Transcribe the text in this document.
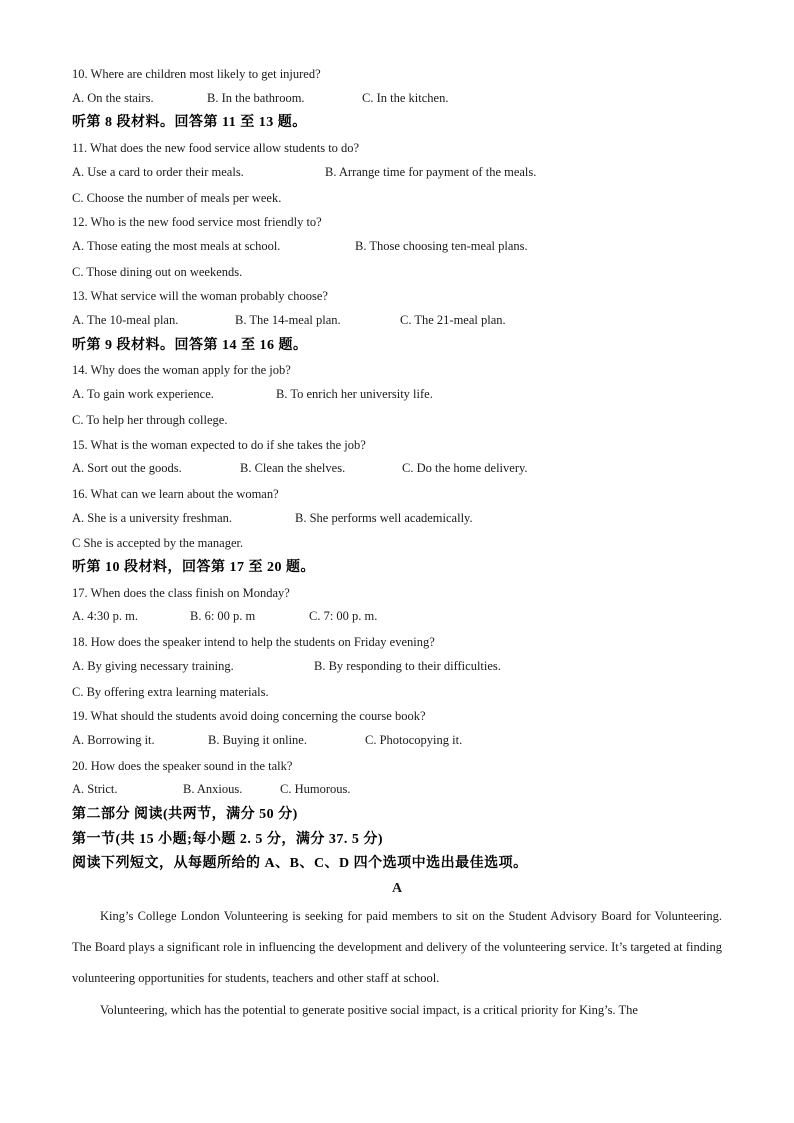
10. Where are children most likely to get injured?
A. On the stairs.	B. In the bathroom.	C. In the kitchen.
听第 8 段材料。回答第 11 至 13 题。
11. What does the new food service allow students to do?
A. Use a card to order their meals.	B. Arrange time for payment of the meals.
C. Choose the number of meals per week.
12. Who is the new food service most friendly to?
A. Those eating the most meals at school.	B. Those choosing ten-meal plans.
C. Those dining out on weekends.
13. What service will the woman probably choose?
A. The 10-meal plan.	B. The 14-meal plan.	C. The 21-meal plan.
听第 9 段材料。回答第 14 至 16 题。
14. Why does the woman apply for the job?
A. To gain work experience.	B. To enrich her university life.
C. To help her through college.
15. What is the woman expected to do if she takes the job?
A. Sort out the goods.	B. Clean the shelves.	C. Do the home delivery.
16. What can we learn about the woman?
A. She is a university freshman.	B. She performs well academically.
C She is accepted by the manager.
听第 10 段材料，回答第 17 至 20 题。
17. When does the class finish on Monday?
A. 4:30 p. m.	B. 6: 00 p. m	C. 7: 00 p. m.
18. How does the speaker intend to help the students on Friday evening?
A. By giving necessary training.	B. By responding to their difficulties.
C. By offering extra learning materials.
19. What should the students avoid doing concerning the course book?
A. Borrowing it.	B. Buying it online.	C. Photocopying it.
20. How does the speaker sound in the talk?
A. Strict.	B. Anxious.	C. Humorous.
第二部分 阅读(共两节，满分 50 分)
第一节(共 15 小题;每小题 2. 5 分，满分 37. 5 分)
阅读下列短文，从每题所给的 A、B、C、D 四个选项中选出最佳选项。
A
King’s College London Volunteering is seeking for paid members to sit on the Student Advisory Board for Volunteering. The Board plays a significant role in influencing the development and delivery of the volunteering service. It’s targeted at finding volunteering opportunities for students, teachers and other staff at school.
Volunteering, which has the potential to generate positive social impact, is a critical priority for King’s. The
